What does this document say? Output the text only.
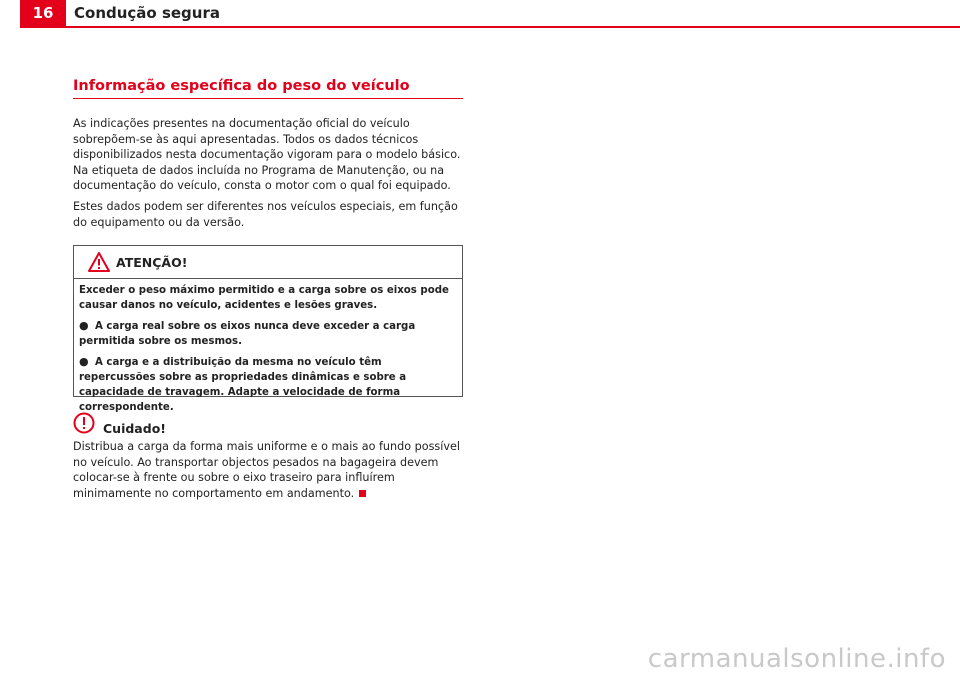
16	Condução segura
Informação específica do peso do veículo

As indicações presentes na documentação oficial do veículo sobrepõem-se às aqui apresentadas. Todos os dados técnicos disponibilizados nesta documentação vigoram para o modelo básico. Na etiqueta de dados incluída no Programa de Manutenção, ou na documentação do veículo, consta o motor com o qual foi equipado.

Estes dados podem ser diferentes nos veículos especiais, em função do equipamento ou da versão.

ATENÇÃO!

Exceder o peso máximo permitido e a carga sobre os eixos pode causar danos no veículo, acidentes e lesões graves.

● A carga real sobre os eixos nunca deve exceder a carga permitida sobre os mesmos.

● A carga e a distribuição da mesma no veículo têm repercussões sobre as propriedades dinâmicas e sobre a capacidade de travagem. Adapte a velocidade de forma correspondente.

Cuidado!

Distribua a carga da forma mais uniforme e o mais ao fundo possível no veículo. Ao transportar objectos pesados na bagageira devem colocar-se à frente ou sobre o eixo traseiro para influírem minimamente no comportamento em andamento.

carmanualsonline.info
